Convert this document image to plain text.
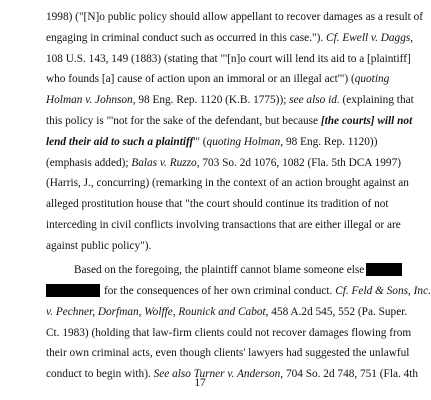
1998) ("[N]o public policy should allow appellant to recover damages as a result of
engaging in criminal conduct such as occurred in this case."). Cf. Ewell v. Daggs,
108 U.S. 143, 149 (1883) (stating that "'[n]o court will lend its aid to a [plaintiff]
who founds [a] cause of action upon an immoral or an illegal act'") (quoting
Holman v. Johnson, 98 Eng. Rep. 1120 (K.B. 1775)); see also id. (explaining that
this policy is "'not for the sake of the defendant, but because [the courts] will not
lend their aid to such a plaintiff'" (quoting Holman, 98 Eng. Rep. 1120))
(emphasis added); Balas v. Ruzzo, 703 So. 2d 1076, 1082 (Fla. 5th DCA 1997)
(Harris, J., concurring) (remarking in the context of an action brought against an
alleged prostitution house that "the court should continue its tradition of not
interceding in civil conflicts involving transactions that are either illegal or are
against public policy").
Based on the foregoing, the plaintiff cannot blame someone else
for the consequences of her own criminal conduct. Cf. Feld & Sons, Inc.
v. Pechner, Dorfman, Wolffe, Rounick and Cabot, 458 A.2d 545, 552 (Pa. Super.
Ct. 1983) (holding that law-firm clients could not recover damages flowing from
their own criminal acts, even though clients' lawyers had suggested the unlawful
conduct to begin with). See also Turner v. Anderson, 704 So. 2d 748, 751 (Fla. 4th
17
